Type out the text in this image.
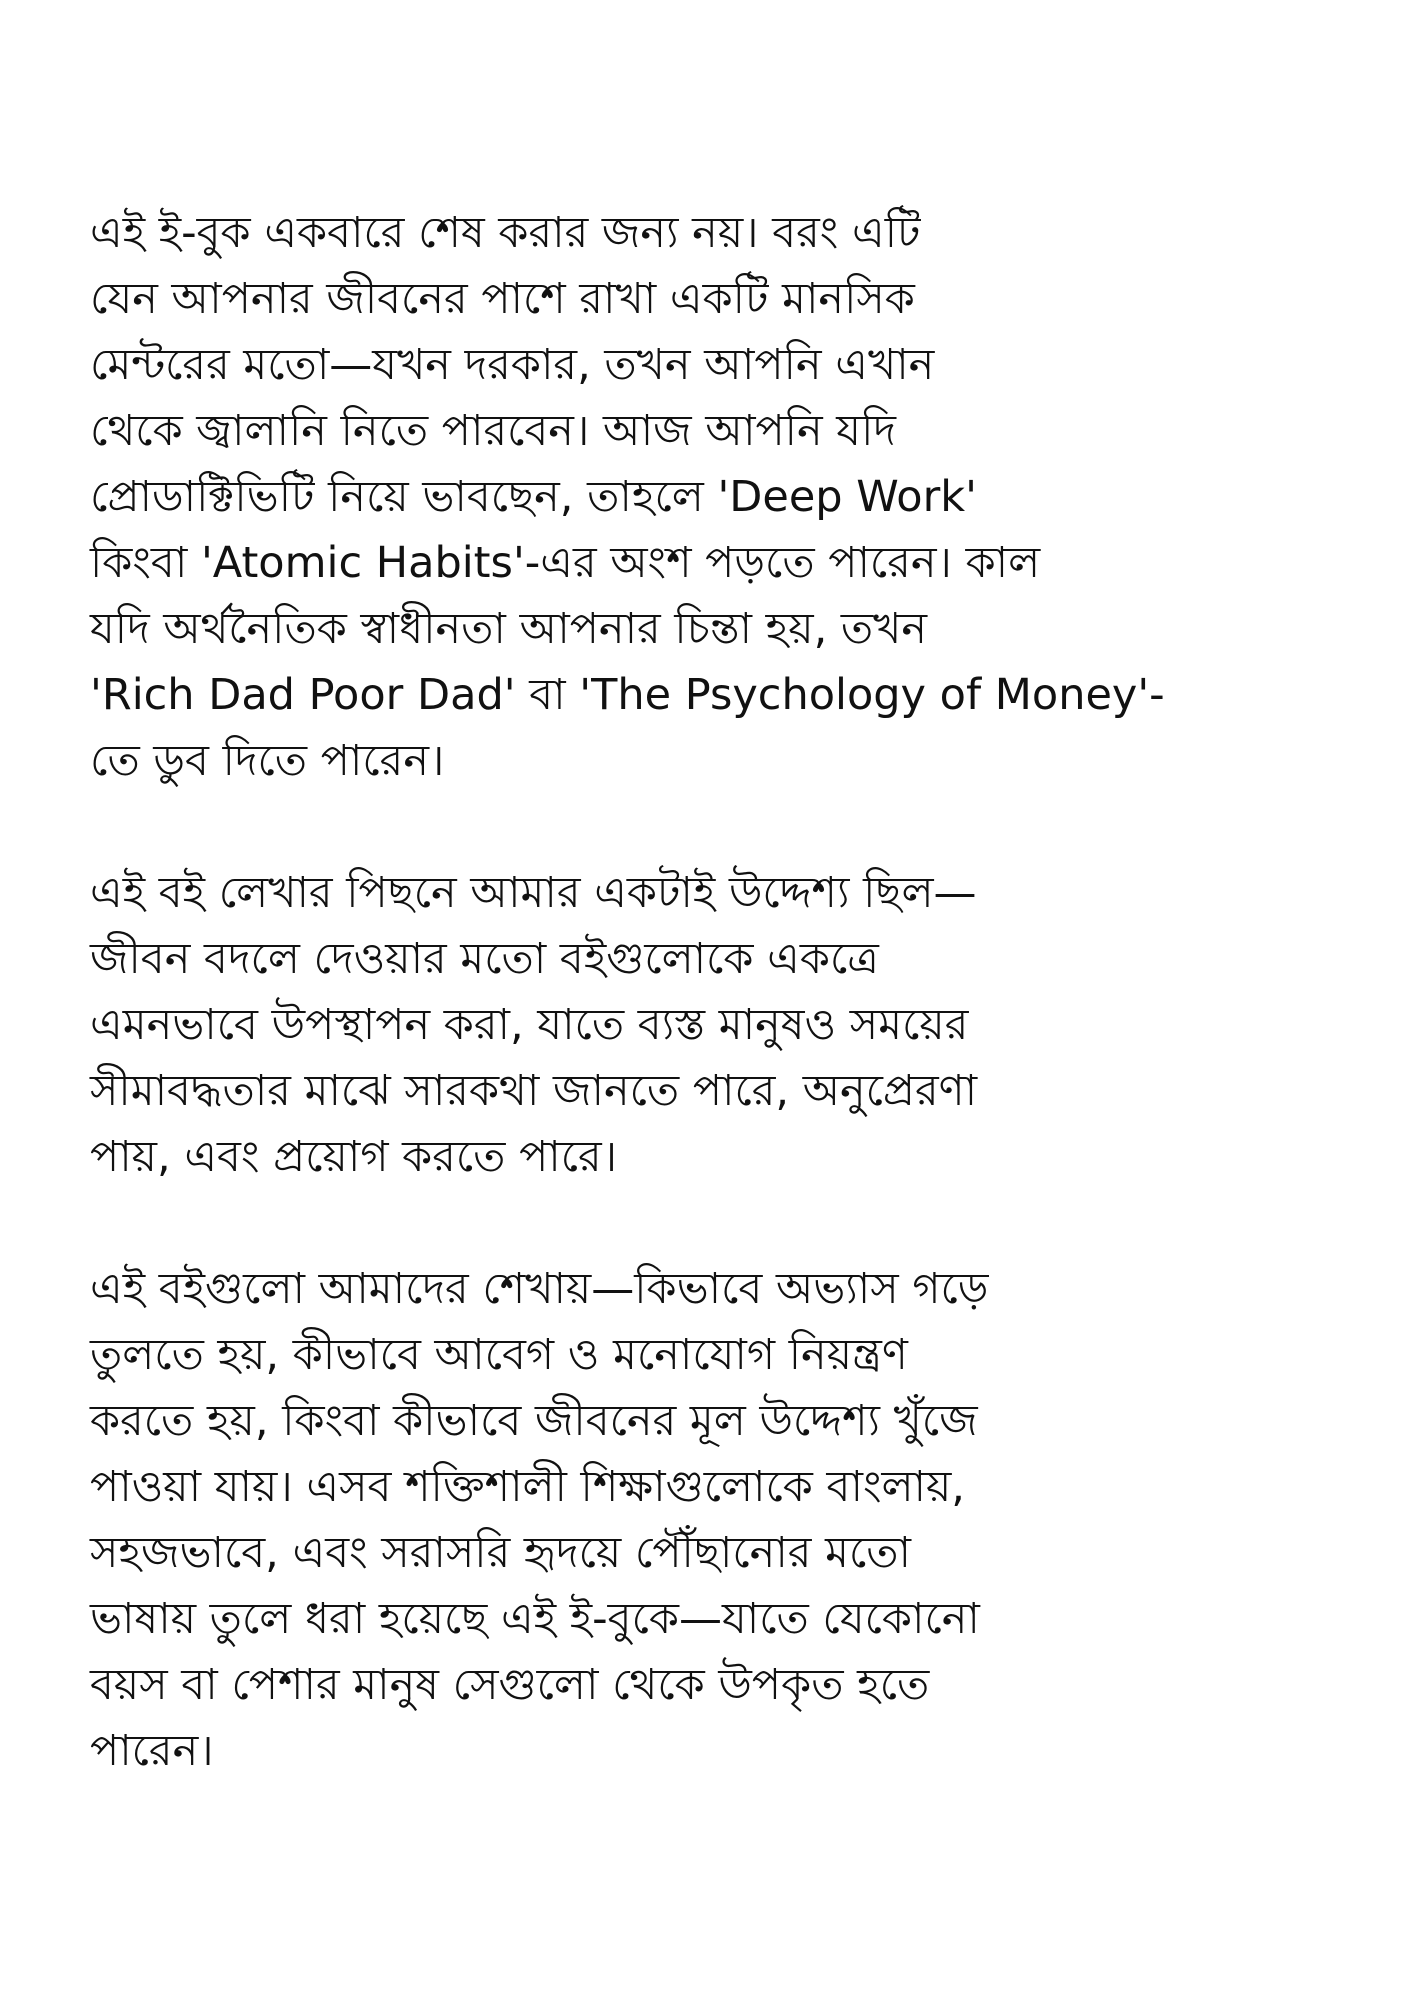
এই ই-বুক একবারে শেষ করার জন্য নয়। বরং এটি
যেন আপনার জীবনের পাশে রাখা একটি মানসিক
মেন্টরের মতো—যখন দরকার, তখন আপনি এখান
থেকে জ্বালানি নিতে পারবেন। আজ আপনি যদি
প্রোডাক্টিভিটি নিয়ে ভাবছেন, তাহলে 'Deep Work'
কিংবা 'Atomic Habits'-এর অংশ পড়তে পারেন। কাল
যদি অর্থনৈতিক স্বাধীনতা আপনার চিন্তা হয়, তখন
'Rich Dad Poor Dad' বা 'The Psychology of Money'-
তে ডুব দিতে পারেন।

এই বই লেখার পিছনে আমার একটাই উদ্দেশ্য ছিল—
জীবন বদলে দেওয়ার মতো বইগুলোকে একত্রে
এমনভাবে উপস্থাপন করা, যাতে ব্যস্ত মানুষও সময়ের
সীমাবদ্ধতার মাঝে সারকথা জানতে পারে, অনুপ্রেরণা
পায়, এবং প্রয়োগ করতে পারে।

এই বইগুলো আমাদের শেখায়—কিভাবে অভ্যাস গড়ে
তুলতে হয়, কীভাবে আবেগ ও মনোযোগ নিয়ন্ত্রণ
করতে হয়, কিংবা কীভাবে জীবনের মূল উদ্দেশ্য খুঁজে
পাওয়া যায়। এসব শক্তিশালী শিক্ষাগুলোকে বাংলায়,
সহজভাবে, এবং সরাসরি হৃদয়ে পৌঁছানোর মতো
ভাষায় তুলে ধরা হয়েছে এই ই-বুকে—যাতে যেকোনো
বয়স বা পেশার মানুষ সেগুলো থেকে উপকৃত হতে
পারেন।
